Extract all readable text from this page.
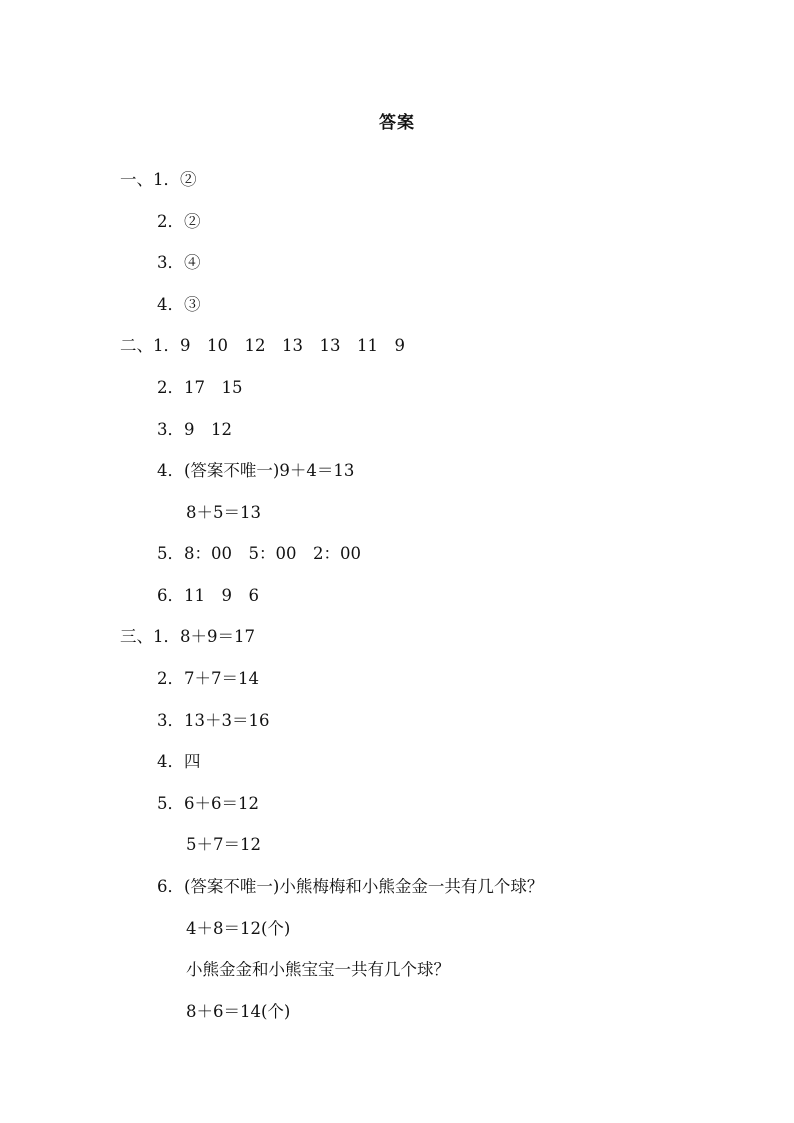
答案
一、1．②
2．②
3．④
4．③
二、1．9　10　12　13　13　11　9
2．17　15
3．9　12
4．(答案不唯一)9＋4＝13
8＋5＝13
5．8：00　5：00　2：00
6．11　9　6
三、1．8＋9＝17
2．7＋7＝14
3．13＋3＝16
4．四
5．6＋6＝12
5＋7＝12
6．(答案不唯一)小熊梅梅和小熊金金一共有几个球？
4＋8＝12(个)
小熊金金和小熊宝宝一共有几个球？
8＋6＝14(个)
